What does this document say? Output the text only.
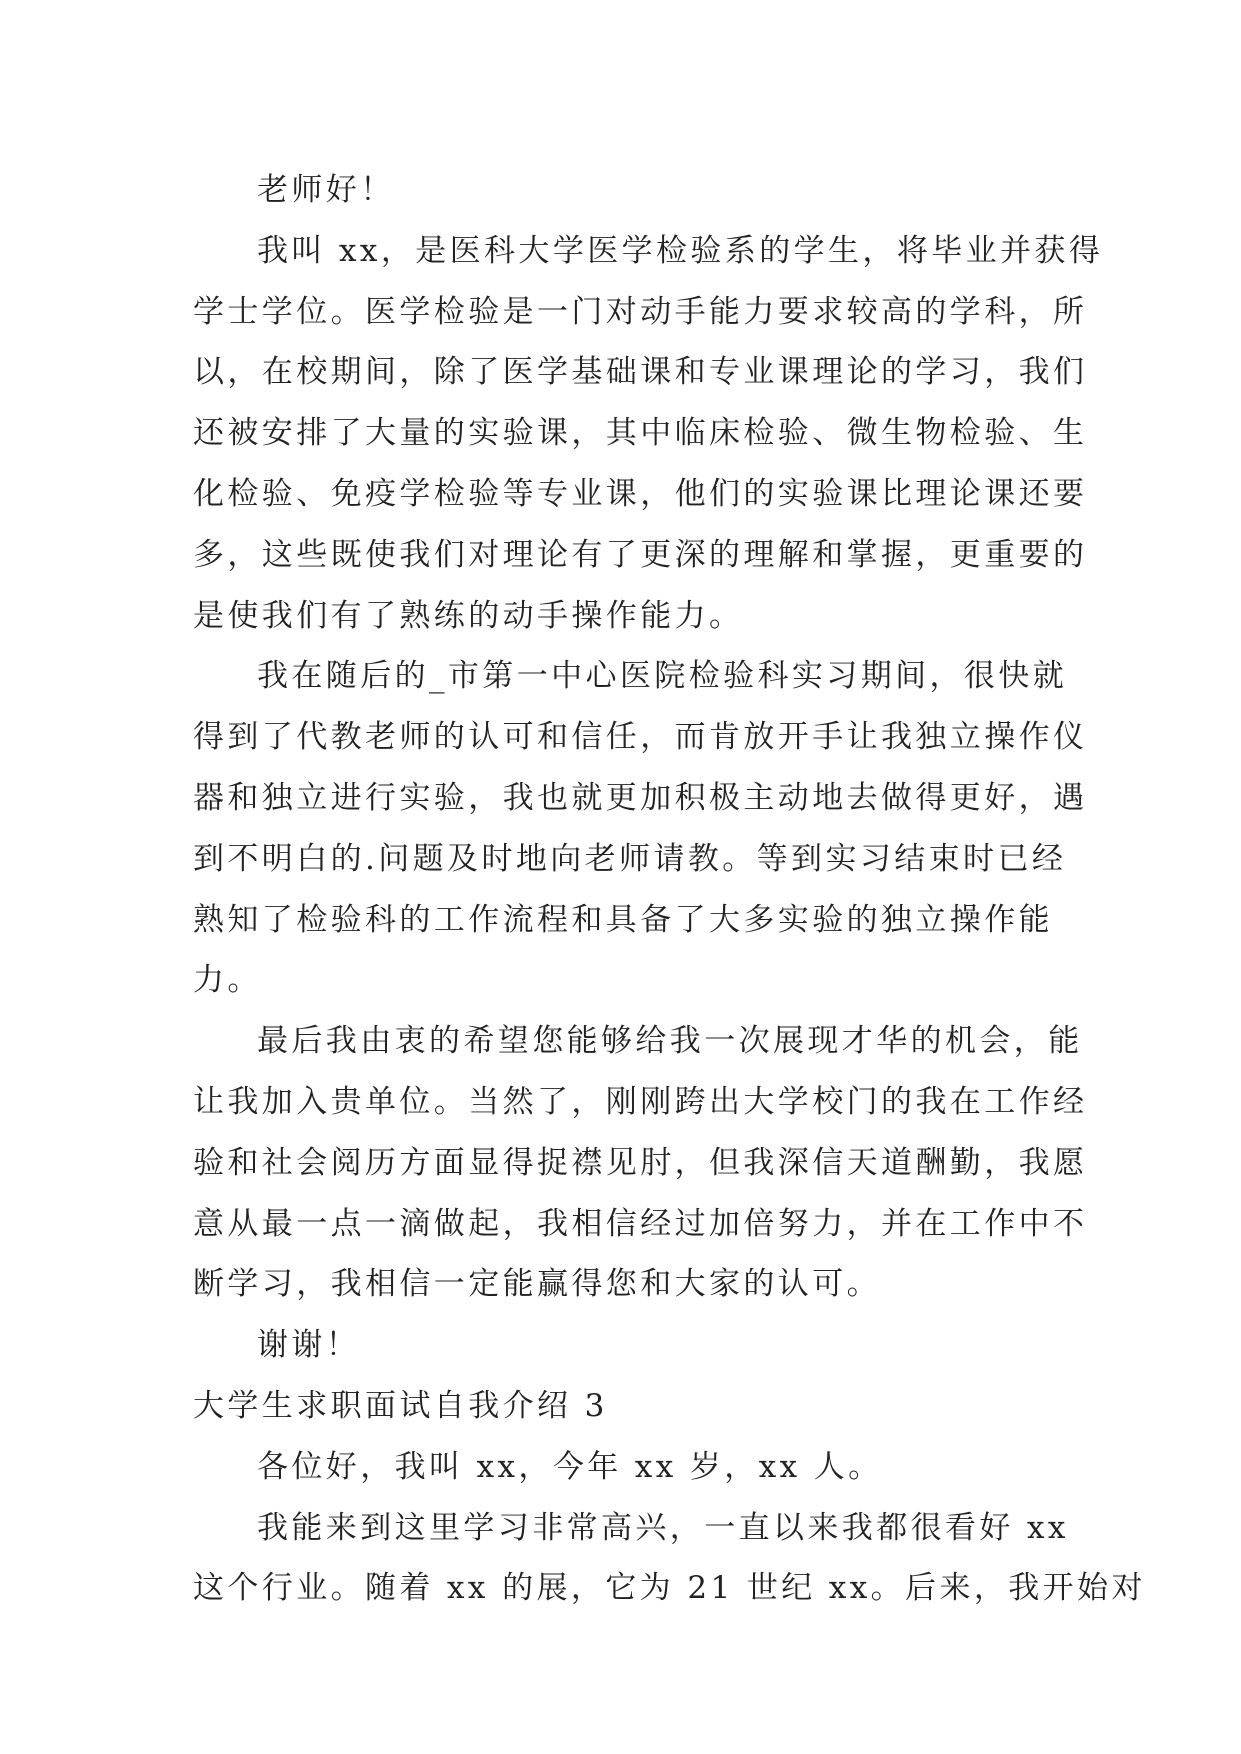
老师好！
我叫 xx，是医科大学医学检验系的学生，将毕业并获得
学士学位。医学检验是一门对动手能力要求较高的学科，所
以，在校期间，除了医学基础课和专业课理论的学习，我们
还被安排了大量的实验课，其中临床检验、微生物检验、生
化检验、免疫学检验等专业课，他们的实验课比理论课还要
多，这些既使我们对理论有了更深的理解和掌握，更重要的
是使我们有了熟练的动手操作能力。
我在随后的_市第一中心医院检验科实习期间，很快就
得到了代教老师的认可和信任，而肯放开手让我独立操作仪
器和独立进行实验，我也就更加积极主动地去做得更好，遇
到不明白的.问题及时地向老师请教。等到实习结束时已经
熟知了检验科的工作流程和具备了大多实验的独立操作能
力。
最后我由衷的希望您能够给我一次展现才华的机会，能
让我加入贵单位。当然了，刚刚跨出大学校门的我在工作经
验和社会阅历方面显得捉襟见肘，但我深信天道酬勤，我愿
意从最一点一滴做起，我相信经过加倍努力，并在工作中不
断学习，我相信一定能赢得您和大家的认可。
谢谢！
大学生求职面试自我介绍 3
各位好，我叫 xx，今年 xx 岁，xx 人。
我能来到这里学习非常高兴，一直以来我都很看好 xx
这个行业。随着 xx 的展，它为 21 世纪 xx。后来，我开始对
